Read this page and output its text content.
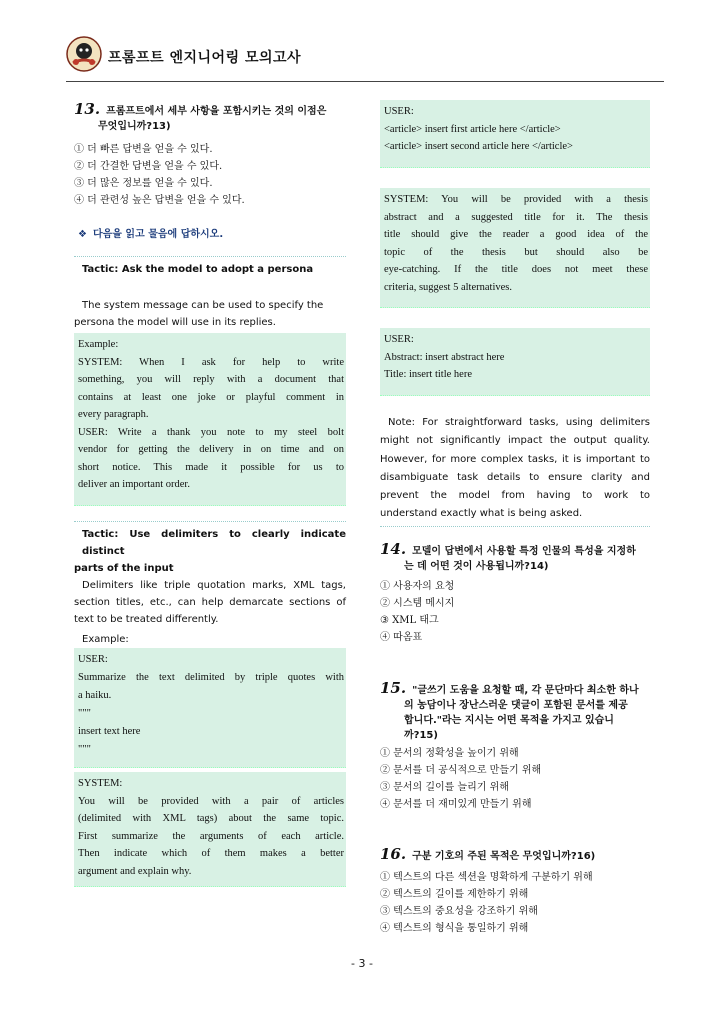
프롬프트 엔지니어링 모의고사
13. 프롬프트에서 세부 사항을 포함시키는 것의 이점은
무엇입니까?13)
① 더 빠른 답변을 얻을 수 있다.
② 더 간결한 답변을 얻을 수 있다.
③ 더 많은 정보를 얻을 수 있다.
④ 더 관련성 높은 답변을 얻을 수 있다.
❖ 다음을 읽고 물음에 답하시오.
Tactic: Ask the model to adopt a persona
The system message can be used to specify the
persona the model will use in its replies.
Example:
SYSTEM: When I ask for help to write
something, you will reply with a document that
contains at least one joke or playful comment in
every paragraph.
USER: Write a thank you note to my steel bolt
vendor for getting the delivery in on time and on
short notice. This made it possible for us to
deliver an important order.
Tactic: Use delimiters to clearly indicate distinct
parts of the input
Delimiters like triple quotation marks, XML tags,
section titles, etc., can help demarcate sections of
text to be treated differently.
Example:
USER:
Summarize the text delimited by triple quotes with
a haiku.
"""
insert text here
"""
SYSTEM:
You will be provided with a pair of articles
(delimited with XML tags) about the same topic.
First summarize the arguments of each article.
Then indicate which of them makes a better
argument and explain why.
USER:
<article> insert first article here </article>
<article> insert second article here </article>
SYSTEM: You will be provided with a thesis
abstract and a suggested title for it. The thesis
title should give the reader a good idea of the
topic of the thesis but should also be
eye-catching. If the title does not meet these
criteria, suggest 5 alternatives.
USER:
Abstract: insert abstract here
Title: insert title here
Note: For straightforward tasks, using delimiters
might not significantly impact the output quality.
However, for more complex tasks, it is important to
disambiguate task details to ensure clarity and
prevent the model from having to work to
understand exactly what is being asked.
14. 모델이 답변에서 사용할 특정 인물의 특성을 지정하
는 데 어떤 것이 사용됩니까?14)
① 사용자의 요청
② 시스템 메시지
③ XML 태그
④ 따옴표
15. "글쓰기 도움을 요청할 때, 각 문단마다 최소한 하나
의 농담이나 장난스러운 댓글이 포함된 문서를 제공
합니다."라는 지시는 어떤 목적을 가지고 있습니
까?15)
① 문서의 정확성을 높이기 위해
② 문서를 더 공식적으로 만들기 위해
③ 문서의 길이를 늘리기 위해
④ 문서를 더 재미있게 만들기 위해
16. 구분 기호의 주된 목적은 무엇입니까?16)
① 텍스트의 다른 섹션을 명확하게 구분하기 위해
② 텍스트의 길이를 제한하기 위해
③ 텍스트의 중요성을 강조하기 위해
④ 텍스트의 형식을 통일하기 위해
- 3 -
